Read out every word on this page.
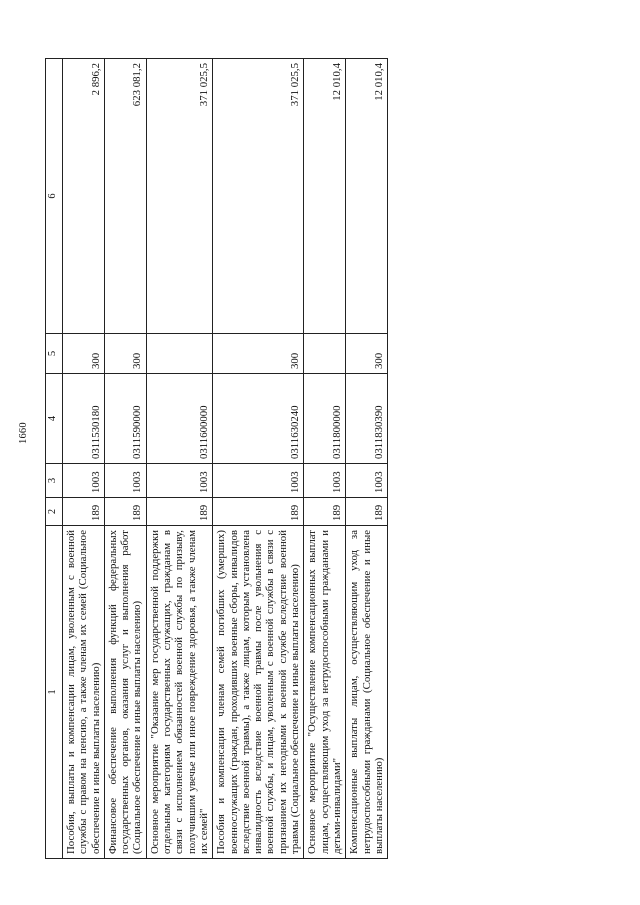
1660
1	2	3	4	5	6
Пособия, выплаты и компенсации лицам, уволенным с военной службы с правом на пенсию, а также членам их семей (Социальное обеспечение и иные выплаты населению)	189	1003	0311530180	300	2 896,2
Финансовое обеспечение выполнения функций федеральных государственных органов, оказания услуг и выполнения работ (Социальное обеспечение и иные выплаты населению)	189	1003	0311590000	300	623 081,2
Основное мероприятие "Оказание мер государственной поддержки отдельным категориям государственных служащих, гражданам в связи с исполнением обязанностей военной службы по призыву, получившим увечье или иное повреждение здоровья, а также членам их семей"	189	1003	0311600000		371 025,5
Пособия и компенсации членам семей погибших (умерших) военнослужащих (граждан, проходивших военные сборы, инвалидов вследствие военной травмы), а также лицам, которым установлена инвалидность вследствие военной травмы после увольнения с военной службы, и лицам, уволенным с военной службы в связи с признанием их негодными к военной службе вследствие военной травмы (Социальное обеспечение и иные выплаты населению)	189	1003	0311630240	300	371 025,5
Основное мероприятие "Осуществление компенсационных выплат лицам, осуществляющим уход за нетрудоспособными гражданами и детьми-инвалидами"	189	1003	0311800000		12 010,4
Компенсационные выплаты лицам, осуществляющим уход за нетрудоспособными гражданами (Социальное обеспечение и иные выплаты населению)	189	1003	0311830390	300	12 010,4
